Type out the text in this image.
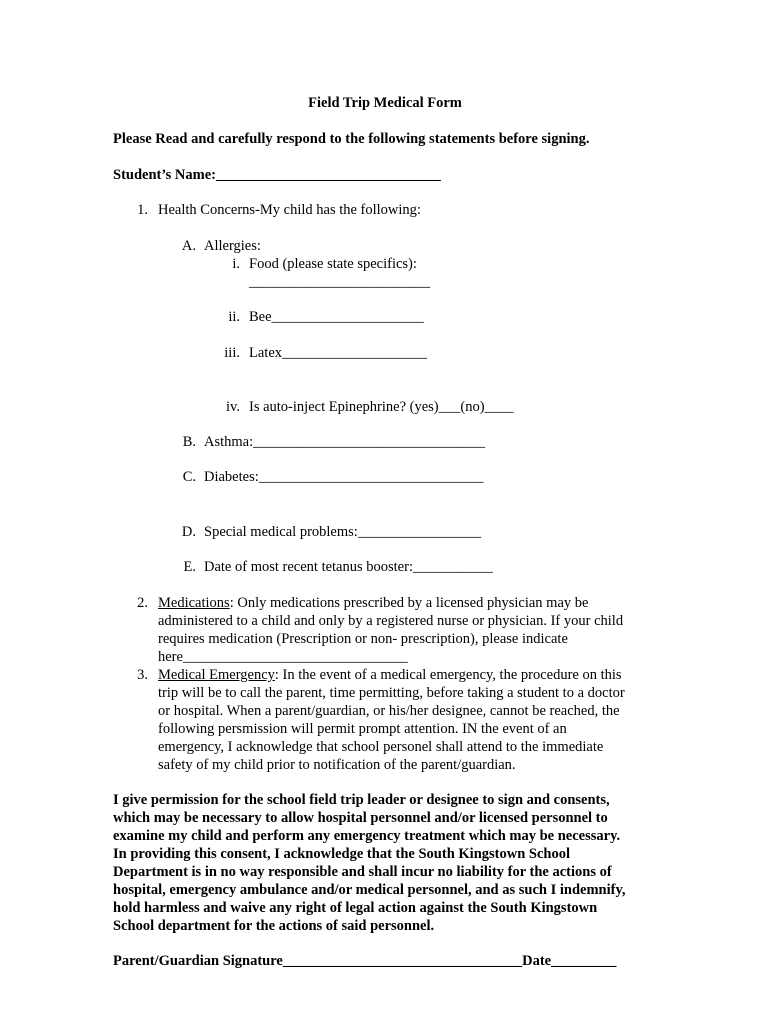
Field Trip Medical Form
Please Read and carefully respond to the following statements before signing.
Student’s Name:_______________________________
1. Health Concerns-My child has the following:
A. Allergies:
i. Food (please state specifics):
_________________________
ii. Bee_____________________
iii. Latex____________________
iv. Is auto-inject Epinephrine? (yes)___(no)____
B. Asthma:________________________________
C. Diabetes:_______________________________
D. Special medical problems:_________________
E. Date of most recent tetanus booster:___________
2. Medications: Only medications prescribed by a licensed physician may be
administered to a child and only by a registered nurse or physician. If your child
requires medication (Prescription or non- prescription), please indicate
here_______________________________
3. Medical Emergency: In the event of a medical emergency, the procedure on this
trip will be to call the parent, time permitting, before taking a student to a doctor
or hospital. When a parent/guardian, or his/her designee, cannot be reached, the
following persmission will permit prompt attention. IN the event of an
emergency, I acknowledge that school personel shall attend to the immediate
safety of my child prior to notification of the parent/guardian.
I give permission for the school field trip leader or designee to sign and consents,
which may be necessary to allow hospital personnel and/or licensed personnel to
examine my child and perform any emergency treatment which may be necessary.
In providing this consent, I acknowledge that the South Kingstown School
Department is in no way responsible and shall incur no liability for the actions of
hospital, emergency ambulance and/or medical personnel, and as such I indemnify,
hold harmless and waive any right of legal action against the South Kingstown
School department for the actions of said personnel.
Parent/Guardian Signature_________________________________Date_________
